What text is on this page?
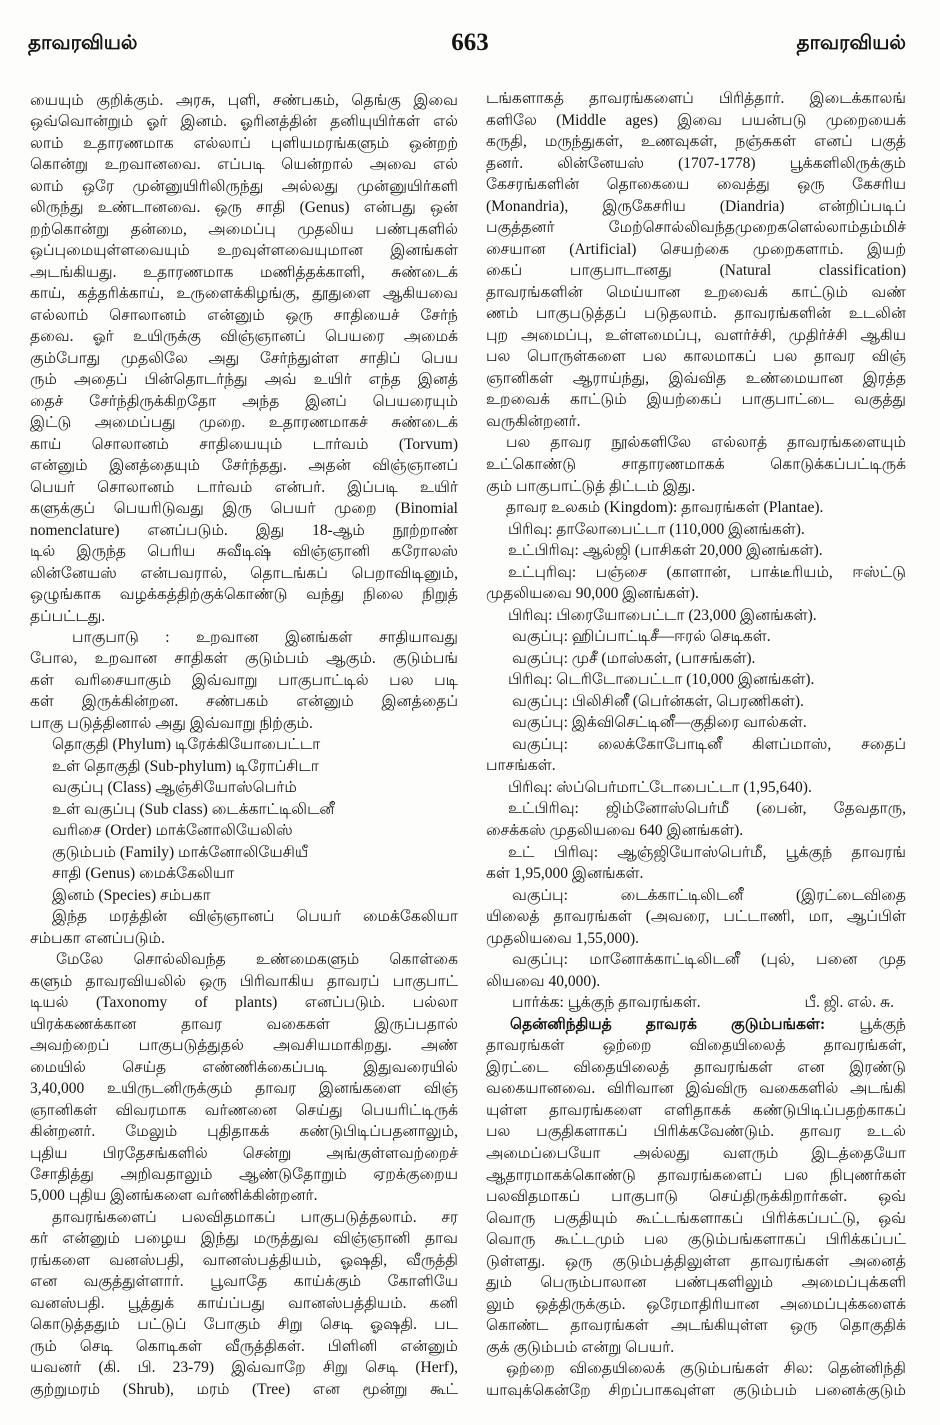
தாவரவியல்	663	தாவரவியல்
யையும் குறிக்கும். அரசு, புளி, சண்பகம், தெங்கு இவை
ஒவ்வொன்றும் ஓர் இனம். ஓரினத்தின் தனியுயிர்கள் எல்
லாம் உதாரணமாக எல்லாப் புளியமரங்களும் ஒன்றற்
கொன்று உறவானவை. எப்படி யென்றால் அவை எல்
லாம் ஒரே முன்னுயிரிலிருந்து அல்லது முன்னுயிர்களி
லிருந்து உண்டானவை. ஒரு சாதி (Genus) என்பது ஒன்
றற்கொன்று தன்மை, அமைப்பு முதலிய பண்புகளில்
ஒப்புமையுள்ளவையும் உறவுள்ளவையுமான இனங்கள்
அடங்கியது. உதாரணமாக மணித்தக்காளி, சுண்டைக்
காய், கத்தரிக்காய், உருளைக்கிழங்கு, தூதுளை ஆகியவை
எல்லாம் சொலானம் என்னும் ஒரு சாதியைச் சேர்ந்
தவை. ஓர் உயிருக்கு விஞ்ஞானப் பெயரை அமைக்
கும்போது முதலிலே அது சேர்ந்துள்ள சாதிப் பெய
ரும் அதைப் பின்தொடர்ந்து அவ் உயிர் எந்த இனத்
தைச் சேர்ந்திருக்கிறதோ அந்த இனப் பெயரையும்
இட்டு அமைப்பது முறை. உதாரணமாகச் சுண்டைக்
காய் சொலானம் சாதியையும் டார்வம் (Torvum)
என்னும் இனத்தையும் சேர்ந்தது. அதன் விஞ்ஞானப்
பெயர் சொலானம் டார்வம் என்பர். இப்படி உயிர்
களுக்குப் பெயரிடுவது இரு பெயர் முறை (Binomial
nomenclature) எனப்படும். இது 18-ஆம் நூற்றாண்
டில் இருந்த பெரிய சுவீடிஷ் விஞ்ஞானி கரோலஸ்
லின்னேயஸ் என்பவரால், தொடங்கப் பெறாவிடினும்,
ஒழுங்காக வழக்கத்திற்குக்கொண்டு வந்து நிலை நிறுத்
தப்பட்டது.
பாகுபாடு : உறவான இனங்கள் சாதியாவது
போல, உறவான சாதிகள் குடும்பம் ஆகும். குடும்பங்
கள் வரிசையாகும் இவ்வாறு பாகுபாட்டில் பல படி
கள் இருக்கின்றன. சண்பகம் என்னும் இனத்தைப்
பாகு படுத்தினால் அது இவ்வாறு நிற்கும்.
தொகுதி (Phylum) டிரேக்கியோபைட்டா
உள் தொகுதி (Sub-phylum) டிரோப்சிடா
வகுப்பு (Class) ஆஞ்சியோஸ்பெர்ம்
உள் வகுப்பு (Sub class) டைக்காட்டிலிடனீ
வரிசை (Order) மாக்னோலியேலிஸ்
குடும்பம் (Family) மாக்னோலியேசியீ
சாதி (Genus) மைக்கேலியா
இனம் (Species) சம்பகா
இந்த மரத்தின் விஞ்ஞானப் பெயர் மைக்கேலியா
சம்பகா எனப்படும்.
மேலே சொல்லிவந்த உண்மைகளும் கொள்கை
களும் தாவரவியலில் ஒரு பிரிவாகிய தாவரப் பாகுபாட்
டியல் (Taxonomy of plants) எனப்படும். பல்லா
யிரக்கணக்கான தாவர வகைகள் இருப்பதால்
அவற்றைப் பாகுபடுத்துதல் அவசியமாகிறது. அண்
மையில் செய்த எண்ணிக்கைப்படி இதுவரையில்
3,40,000 உயிருடனிருக்கும் தாவர இனங்களை விஞ்
ஞானிகள் விவரமாக வர்ணனை செய்து பெயரிட்டிருக்
கின்றனர். மேலும் புதிதாகக் கண்டுபிடிப்பதனாலும்,
புதிய பிரதேசங்களில் சென்று அங்குள்ளவற்றைச்
சோதித்து அறிவதாலும் ஆண்டுதோறும் ஏறக்குறைய
5,000 புதிய இனங்களை வர்ணிக்கின்றனர்.
தாவரங்களைப் பலவிதமாகப் பாகுபடுத்தலாம். சர
கர் என்னும் பழைய இந்து மருத்துவ விஞ்ஞானி தாவ
ரங்களை வனஸ்பதி, வானஸ்பத்தியம், ஓஷதி, வீருத்தி
என வகுத்துள்ளார். பூவாதே காய்க்கும் கோளியே
வனஸ்பதி. பூத்துக் காய்ப்பது வானஸ்பத்தியம். கனி
கொடுத்ததும் பட்டுப் போகும் சிறு செடி ஓஷதி. பட
ரும் செடி கொடிகள் வீருத்திகள். பிளினி என்னும்
யவனர் (கி. பி. 23-79) இவ்வாறே சிறு செடி (Herf),
குற்றுமரம் (Shrub), மரம் (Tree) என மூன்று கூட்
டங்களாகத் தாவரங்களைப் பிரித்தார். இடைக்காலங்
களிலே (Middle ages) இவை பயன்படு முறையைக்
கருதி, மருந்துகள், உணவுகள், நஞ்சுகள் எனப் பகுத்
தனர். லின்னேயஸ் (1707-1778) பூக்களிலிருக்கும்
கேசரங்களின் தொகையை வைத்து ஒரு கேசரிய
(Monandria), இருகேசரிய (Diandria) என்றிப்படிப்
பகுத்தனர் மேற்சொல்லிவந்தமுறைகளெல்லாம்தம்மிச்
சையான (Artificial) செயற்கை முறைகளாம். இயற்
கைப் பாகுபாடானது (Natural classification)
தாவரங்களின் மெய்யான உறவைக் காட்டும் வண்
ணம் பாகுபடுத்தப் படுதலாம். தாவரங்களின் உடலின்
புற அமைப்பு, உள்ளமைப்பு, வளர்ச்சி, முதிர்ச்சி ஆகிய
பல பொருள்களை பல காலமாகப் பல தாவர விஞ்
ஞானிகள் ஆராய்ந்து, இவ்வித உண்மையான இரத்த
உறவைக் காட்டும் இயற்கைப் பாகுபாட்டை வகுத்து
வருகின்றனர்.
பல தாவர நூல்களிலே எல்லாத் தாவரங்களையும்
உட்கொண்டு சாதாரணமாகக் கொடுக்கப்பட்டிருக்
கும் பாகுபாட்டுத் திட்டம் இது.
தாவர உலகம் (Kingdom): தாவரங்கள் (Plantae).
பிரிவு: தாலோபைட்டா (110,000 இனங்கள்).
உட்பிரிவு: ஆல்ஜி (பாசிகள் 20,000 இனங்கள்).
உட்புரிவு: பஞ்சை (காளான், பாக்டீரியம், ஈஸ்ட்டு
முதலியவை 90,000 இனங்கள்).
பிரிவு: பிரையோபைட்டா (23,000 இனங்கள்).
வகுப்பு: ஹிப்பாட்டிசீ—ஈரல் செடிகள்.
வகுப்பு: முசீ (மாஸ்கள், (பாசங்கள்).
பிரிவு: டெரிடோபைட்டா (10,000 இனங்கள்).
வகுப்பு: பிலிசினீ (பெர்ன்கள், பெரணிகள்).
வகுப்பு: இக்விசெட்டினீ—குதிரை வால்கள்.
வகுப்பு: லைக்கோபோடினீ கிளப்மாஸ், சதைப்
பாசங்கள்.
பிரிவு: ஸ்ப்பெர்மாட்டோபைட்டா (1,95,640).
உட்பிரிவு: ஜிம்னோஸ்பெர்மீ (பைன், தேவதாரு,
சைக்கஸ் முதலியவை 640 இனங்கள்).
உட் பிரிவு: ஆஞ்ஜியோஸ்பெர்மீ, பூக்குந் தாவரங்
கள் 1,95,000 இனங்கள்.
வகுப்பு: டைக்காட்டிலிடனீ (இரட்டைவிதை
யிலைத் தாவரங்கள் (அவரை, பட்டாணி, மா, ஆப்பிள்
முதலியவை 1,55,000).
வகுப்பு: மானோக்காட்டிலிடனீ (புல், பனை முத
லியவை 40,000).
பார்க்க: பூக்குந் தாவரங்கள்.	பீ. ஜி. எல். சு.
தென்னிந்தியத் தாவரக் குடும்பங்கள்: பூக்குந்
தாவரங்கள் ஒற்றை விதையிலைத் தாவரங்கள்,
இரட்டை விதையிலைத் தாவரங்கள் என இரண்டு
வகையானவை. விரிவான இவ்விரு வகைகளில் அடங்கி
யுள்ள தாவரங்களை எளிதாகக் கண்டுபிடிப்பதற்காகப்
பல பகுதிகளாகப் பிரிக்கவேண்டும். தாவர உடல்
அமைப்பையோ அல்லது வளரும் இடத்தையோ
ஆதாரமாகக்கொண்டு தாவரங்களைப் பல நிபுணர்கள்
பலவிதமாகப் பாகுபாடு செய்திருக்கிறார்கள். ஒவ்
வொரு பகுதியும் கூட்டங்களாகப் பிரிக்கப்பட்டு, ஒவ்
வொரு கூட்டமும் பல குடும்பங்களாகப் பிரிக்கப்பட்
டுள்ளது. ஒரு குடும்பத்திலுள்ள தாவரங்கள் அனைத்
தும் பெரும்பாலான பண்புகளிலும் அமைப்புக்களி
லும் ஒத்திருக்கும். ஒரேமாதிரியான அமைப்புக்களைக்
கொண்ட தாவரங்கள் அடங்கியுள்ள ஒரு தொகுதிக்
குக் குடும்பம் என்று பெயர்.
ஒற்றை விதையிலைக் குடும்பங்கள் சில: தென்னிந்தி
யாவுக்கென்றே சிறப்பாகவுள்ள குடும்பம் பனைக்குடும்
